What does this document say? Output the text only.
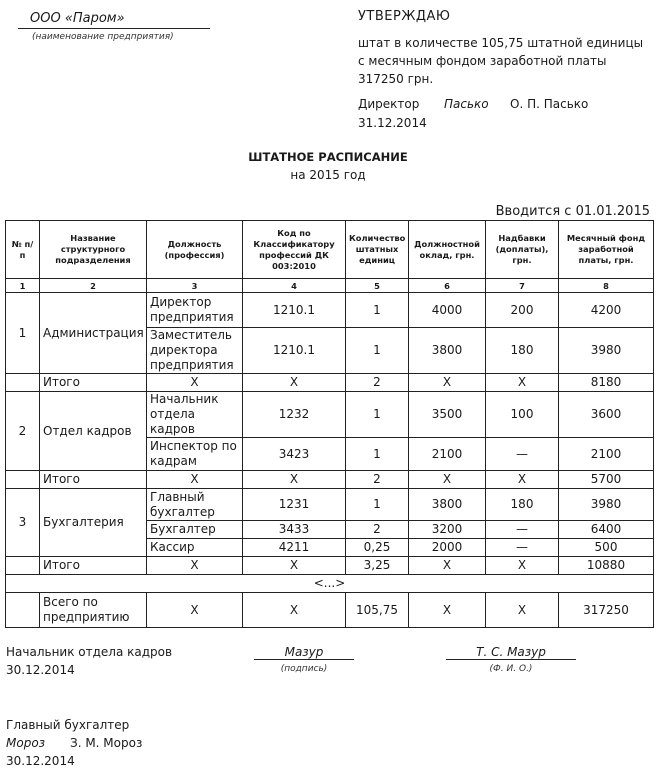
ООО «Паром»
(наименование предприятия)
УТВЕРЖДАЮ
штат в количестве 105,75 штатной единицы
с месячным фондом заработной платы
317250 грн.
Директор Пасько О. П. Пасько
31.12.2014
ШТАТНОЕ РАСПИСАНИЕ
на 2015 год
Вводится с 01.01.2015
№ п/п	Название структурного подразделения	Должность (профессия)	Код по Классификатору профессий ДК 003:2010	Количество штатных единиц	Должностной оклад, грн.	Надбавки (доплаты), грн.	Месячный фонд заработной платы, грн.
1	2	3	4	5	6	7	8
1	Администрация	Директор предприятия	1210.1	1	4000	200	4200
		Заместитель директора предприятия	1210.1	1	3800	180	3980
	Итого	Х	Х	2	Х	Х	8180
2	Отдел кадров	Начальник отдела кадров	1232	1	3500	100	3600
		Инспектор по кадрам	3423	1	2100	—	2100
	Итого	Х	Х	2	Х	Х	5700
3	Бухгалтерия	Главный бухгалтер	1231	1	3800	180	3980
		Бухгалтер	3433	2	3200	—	6400
		Кассир	4211	0,25	2000	—	500
	Итого	Х	Х	3,25	Х	Х	10880
<...>							
	Всего по предприятию	Х	Х	105,75	Х	Х	317250
Начальник отдела кадров	Мазур	Т. С. Мазур
(подпись)	(Ф. И. О.)
30.12.2014
Главный бухгалтер
Мороз З. М. Мороз
30.12.2014
